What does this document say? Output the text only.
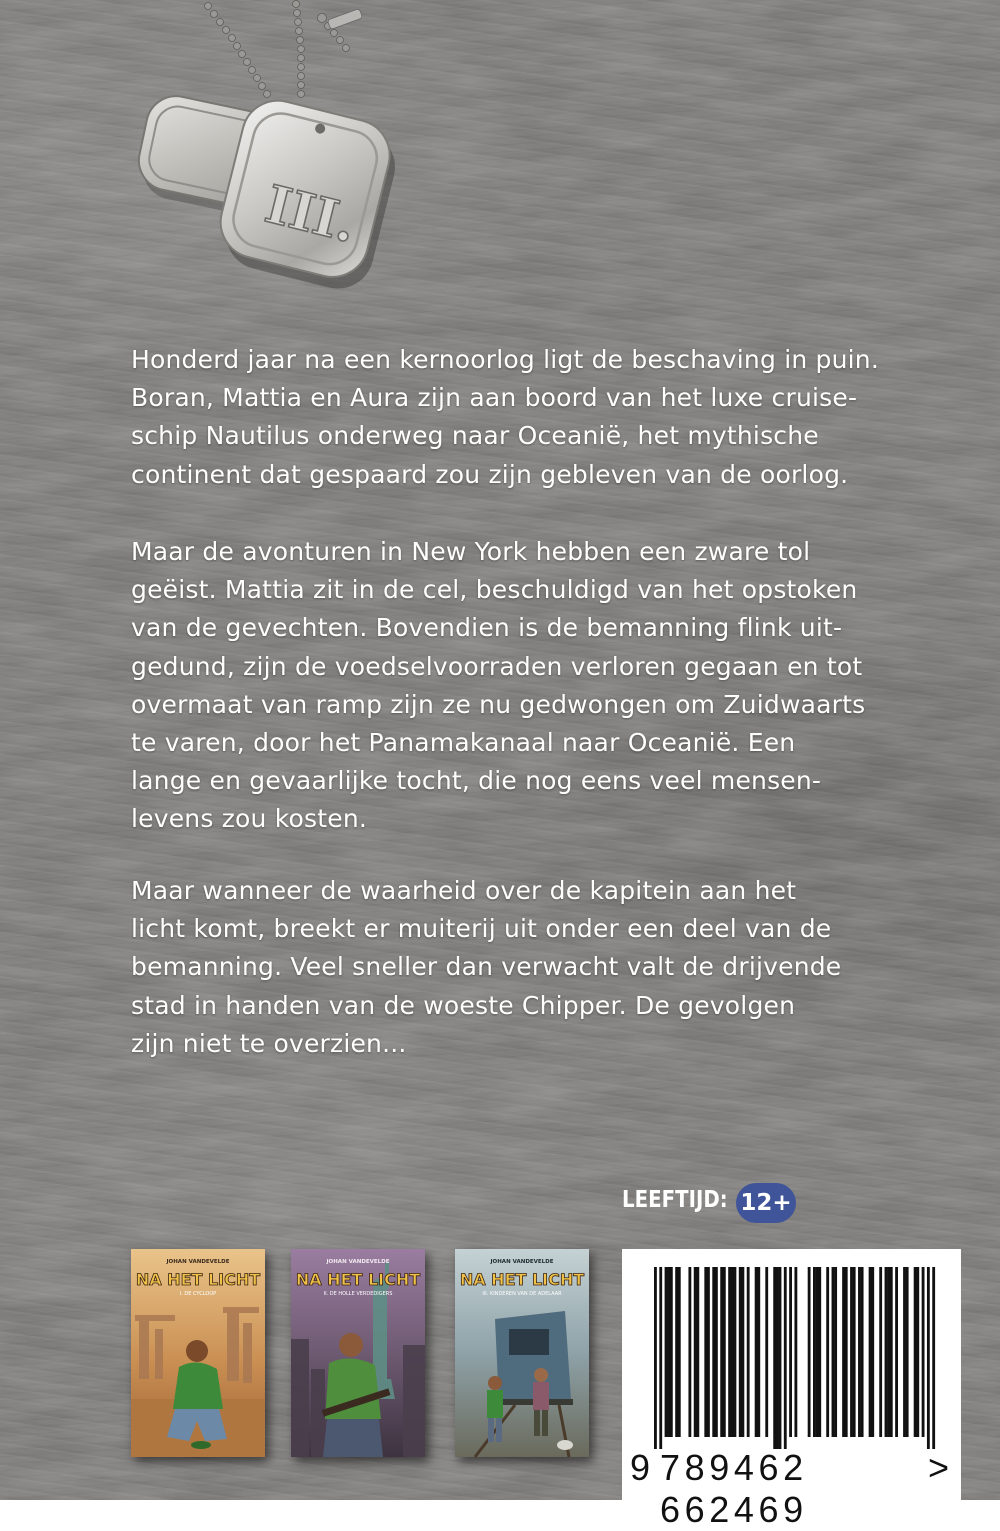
III.

Honderd jaar na een kernoorlog ligt de beschaving in puin.
Boran, Mattia en Aura zijn aan boord van het luxe cruise-
schip Nautilus onderweg naar Oceanië, het mythische
continent dat gespaard zou zijn gebleven van de oorlog.

Maar de avonturen in New York hebben een zware tol
geëist. Mattia zit in de cel, beschuldigd van het opstoken
van de gevechten. Bovendien is de bemanning flink uit-
gedund, zijn de voedselvoorraden verloren gegaan en tot
overmaat van ramp zijn ze nu gedwongen om Zuidwaarts
te varen, door het Panamakanaal naar Oceanië. Een
lange en gevaarlijke tocht, die nog eens veel mensen-
levens zou kosten.

Maar wanneer de waarheid over de kapitein aan het
licht komt, breekt er muiterij uit onder een deel van de
bemanning. Veel sneller dan verwacht valt de drijvende
stad in handen van de woeste Chipper. De gevolgen
zijn niet te overzien...

LEEFTIJD: 12+
JOHAN VANDEVELDE
NA HET LICHT
I. DE CYCLOOP
JOHAN VANDEVELDE
NA HET LICHT
II. DE HOLLE VERDEDIGERS
JOHAN VANDEVELDE
NA HET LICHT
III. KINDEREN VAN DE ADELAAR
9 789462 662469
>
